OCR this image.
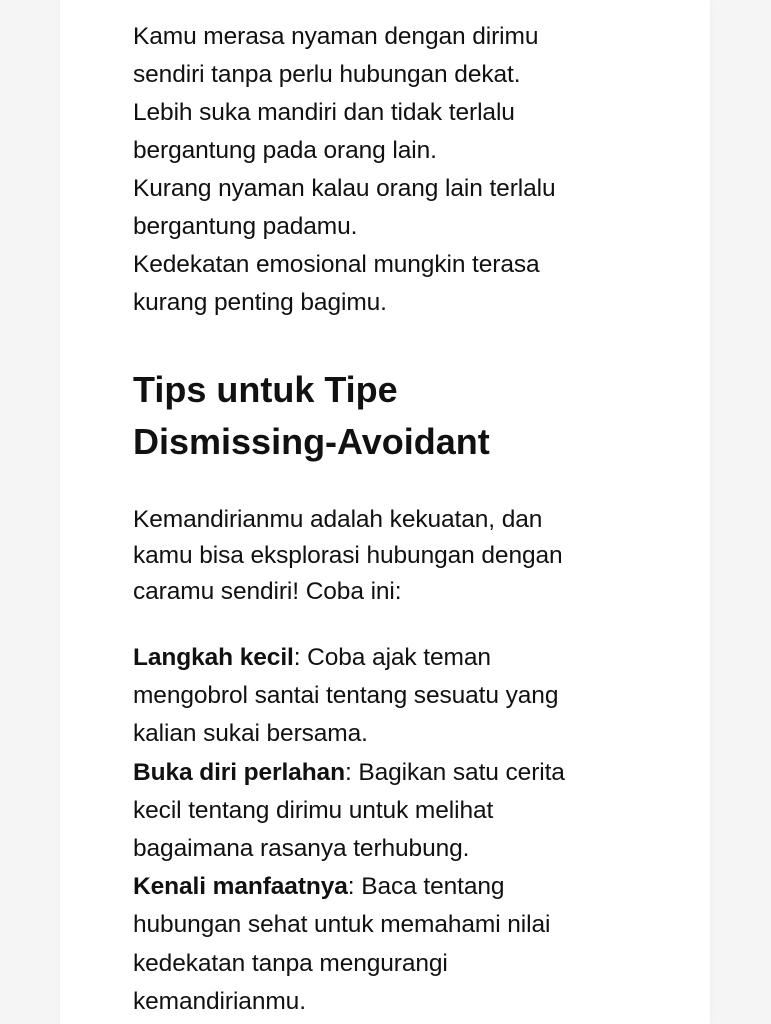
Kamu merasa nyaman dengan dirimu
sendiri tanpa perlu hubungan dekat.
Lebih suka mandiri dan tidak terlalu
bergantung pada orang lain.
Kurang nyaman kalau orang lain terlalu
bergantung padamu.
Kedekatan emosional mungkin terasa
kurang penting bagimu.
Tips untuk Tipe
Dismissing-Avoidant
Kemandirianmu adalah kekuatan, dan
kamu bisa eksplorasi hubungan dengan
caramu sendiri! Coba ini:
Langkah kecil: Coba ajak teman
mengobrol santai tentang sesuatu yang
kalian sukai bersama.
Buka diri perlahan: Bagikan satu cerita
kecil tentang dirimu untuk melihat
bagaimana rasanya terhubung.
Kenali manfaatnya: Baca tentang
hubungan sehat untuk memahami nilai
kedekatan tanpa mengurangi
kemandirianmu.
